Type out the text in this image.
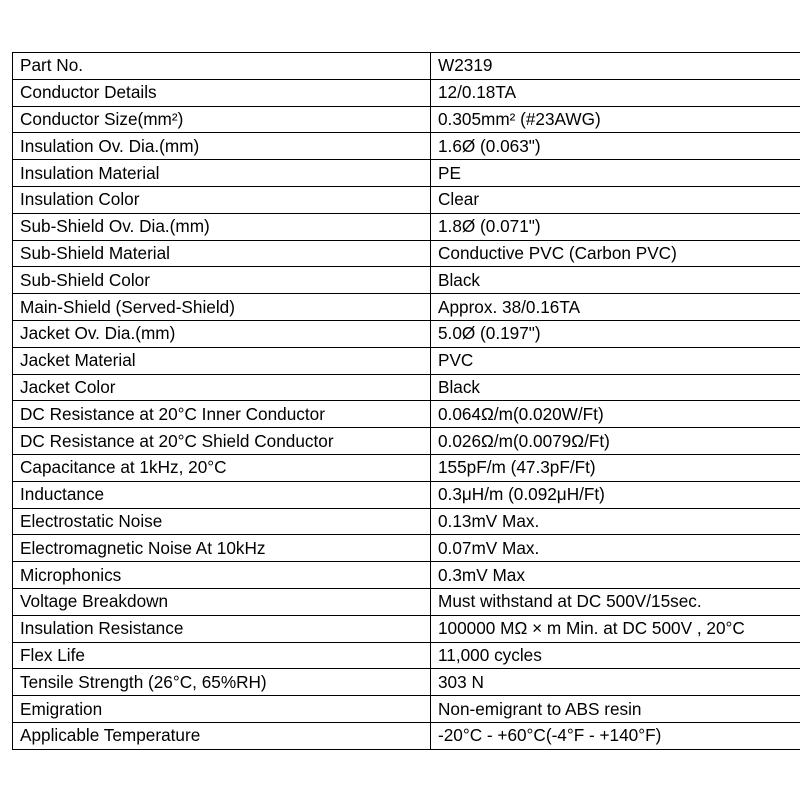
Part No.	W2319
Conductor Details	12/0.18TA
Conductor Size(mm²)	0.305mm² (#23AWG)
Insulation Ov. Dia.(mm)	1.6Ø (0.063")
Insulation Material	PE
Insulation Color	Clear
Sub-Shield Ov. Dia.(mm)	1.8Ø (0.071")
Sub-Shield Material	Conductive PVC (Carbon PVC)
Sub-Shield Color	Black
Main-Shield (Served-Shield)	Approx. 38/0.16TA
Jacket Ov. Dia.(mm)	5.0Ø (0.197")
Jacket Material	PVC
Jacket Color	Black
DC Resistance at 20°C Inner Conductor	0.064Ω/m(0.020W/Ft)
DC Resistance at 20°C Shield Conductor	0.026Ω/m(0.0079Ω/Ft)
Capacitance at 1kHz, 20°C	155pF/m (47.3pF/Ft)
Inductance	0.3μH/m (0.092μH/Ft)
Electrostatic Noise	0.13mV Max.
Electromagnetic Noise At 10kHz	0.07mV Max.
Microphonics	0.3mV Max
Voltage Breakdown	Must withstand at DC 500V/15sec.
Insulation Resistance	100000 MΩ × m Min. at DC 500V , 20°C
Flex Life	11,000 cycles
Tensile Strength (26°C, 65%RH)	303 N
Emigration	Non-emigrant to ABS resin
Applicable Temperature	-20°C - +60°C(-4°F - +140°F)
